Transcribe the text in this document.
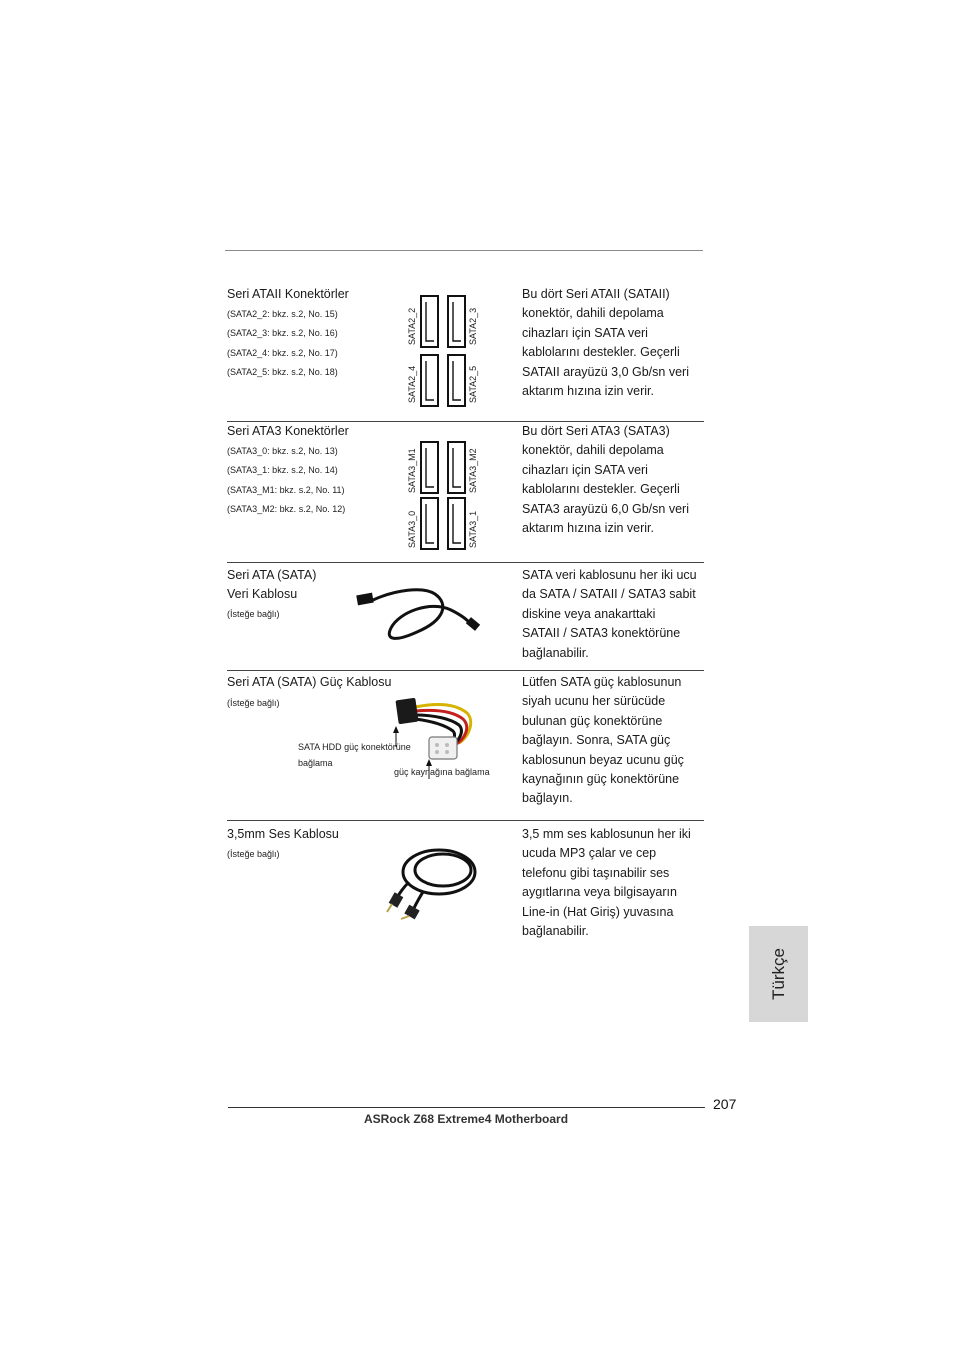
Seri ATAII Konektörler
(SATA2_2: bkz. s.2, No. 15)
(SATA2_3: bkz. s.2, No. 16)
(SATA2_4: bkz. s.2, No. 17)
(SATA2_5: bkz. s.2, No. 18)
SATA2_2	SATA2_3
SATA2_4	SATA2_5
Bu dört Seri ATAII (SATAII)
konektör, dahili depolama
cihazları için SATA veri
kablolarını destekler. Geçerli
SATAII arayüzü 3,0 Gb/sn veri
aktarım hızına izin verir.
Seri ATA3 Konektörler
(SATA3_0: bkz. s.2, No. 13)
(SATA3_1: bkz. s.2, No. 14)
(SATA3_M1: bkz. s.2, No. 11)
(SATA3_M2: bkz. s.2, No. 12)
SATA3_M1	SATA3_M2
SATA3_0	SATA3_1
Bu dört Seri ATA3 (SATA3)
konektör, dahili depolama
cihazları için SATA veri
kablolarını destekler. Geçerli
SATA3 arayüzü 6,0 Gb/sn veri
aktarım hızına izin verir.
Seri ATA (SATA)
Veri Kablosu
(İsteğe bağlı)
SATA veri kablosunu her iki ucu
da SATA / SATAII / SATA3 sabit
diskine veya anakarttaki
SATAII / SATA3 konektörüne
bağlanabilir.
Seri ATA (SATA) Güç Kablosu
(İsteğe bağlı)
SATA HDD güç konektörüne
bağlama
güç kaynağına bağlama
Lütfen SATA güç kablosunun
siyah ucunu her sürücüde
bulunan güç konektörüne
bağlayın. Sonra, SATA güç
kablosunun beyaz ucunu güç
kaynağının güç konektörüne
bağlayın.
3,5mm Ses Kablosu
(İsteğe bağlı)
3,5 mm ses kablosunun her iki
ucuda MP3 çalar ve cep
telefonu gibi taşınabilir ses
aygıtlarına veya bilgisayarın
Line-in (Hat Giriş) yuvasına
bağlanabilir.
Türkçe
207
ASRock Z68 Extreme4 Motherboard
